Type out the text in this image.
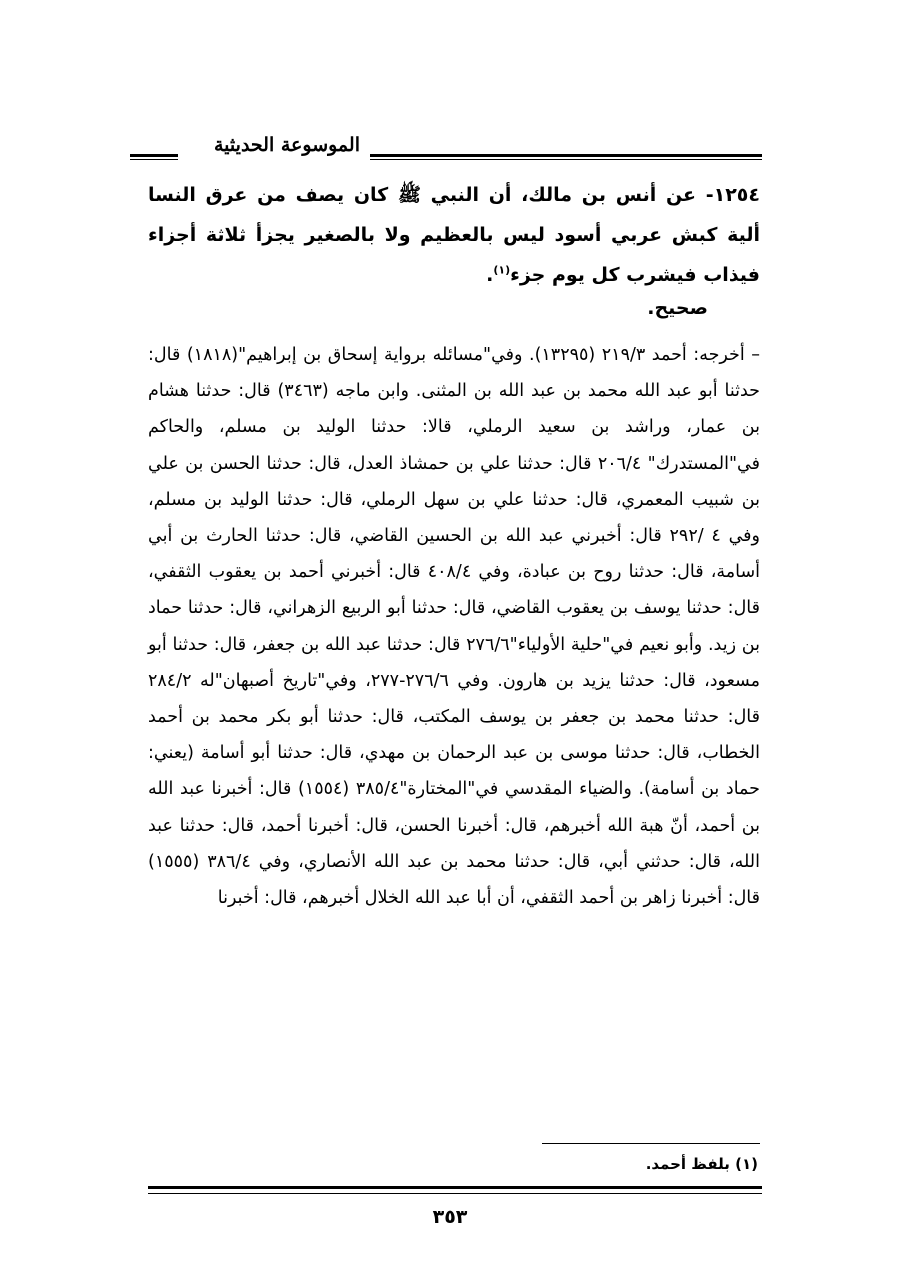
الموسوعة الحديثية
١٢٥٤- عن أنس بن مالك، أن النبي ﷺ كان يصف من عرق النسا ألية كبش عربي أسود ليس بالعظيم ولا بالصغير يجزأ ثلاثة أجزاء فيذاب فيشرب كل يوم جزء$^{(١)}$.
صحيح.
– أخرجه: أحمد ٢١٩/٣ (١٣٢٩٥). وفي"مسائله برواية إسحاق بن إبراهيم"(١٨١٨) قال: حدثنا أبو عبد الله محمد بن عبد الله بن المثنى. وابن ماجه (٣٤٦٣) قال: حدثنا هشام بن عمار، وراشد بن سعيد الرملي، قالا: حدثنا الوليد بن مسلم، والحاكم في"المستدرك" ٢٠٦/٤ قال: حدثنا علي بن حمشاذ العدل، قال: حدثنا الحسن بن علي بن شبيب المعمري، قال: حدثنا علي بن سهل الرملي، قال: حدثنا الوليد بن مسلم، وفي ٤ /٢٩٢ قال: أخبرني عبد الله بن الحسين القاضي، قال: حدثنا الحارث بن أبي أسامة، قال: حدثنا روح بن عبادة، وفي ٤٠٨/٤ قال: أخبرني أحمد بن يعقوب الثقفي، قال: حدثنا يوسف بن يعقوب القاضي، قال: حدثنا أبو الربيع الزهراني، قال: حدثنا حماد بن زيد. وأبو نعيم في"حلية الأولياء"٢٧٦/٦ قال: حدثنا عبد الله بن جعفر، قال: حدثنا أبو مسعود، قال: حدثنا يزيد بن هارون. وفي ٢٧٦/٦-٢٧٧، وفي"تاريخ أصبهان"له ٢٨٤/٢ قال: حدثنا محمد بن جعفر بن يوسف المكتب، قال: حدثنا أبو بكر محمد بن أحمد الخطاب، قال: حدثنا موسى بن عبد الرحمان بن مهدي، قال: حدثنا أبو أسامة (يعني: حماد بن أسامة). والضياء المقدسي في"المختارة"٣٨٥/٤ (١٥٥٤) قال: أخبرنا عبد الله بن أحمد، أنّ هبة الله أخبرهم، قال: أخبرنا الحسن، قال: أخبرنا أحمد، قال: حدثنا عبد الله، قال: حدثني أبي، قال: حدثنا محمد بن عبد الله الأنصاري، وفي ٣٨٦/٤ (١٥٥٥) قال: أخبرنا زاهر بن أحمد الثقفي، أن أبا عبد الله الخلال أخبرهم، قال: أخبرنا
(١) بلفظ أحمد.
٣٥٣
